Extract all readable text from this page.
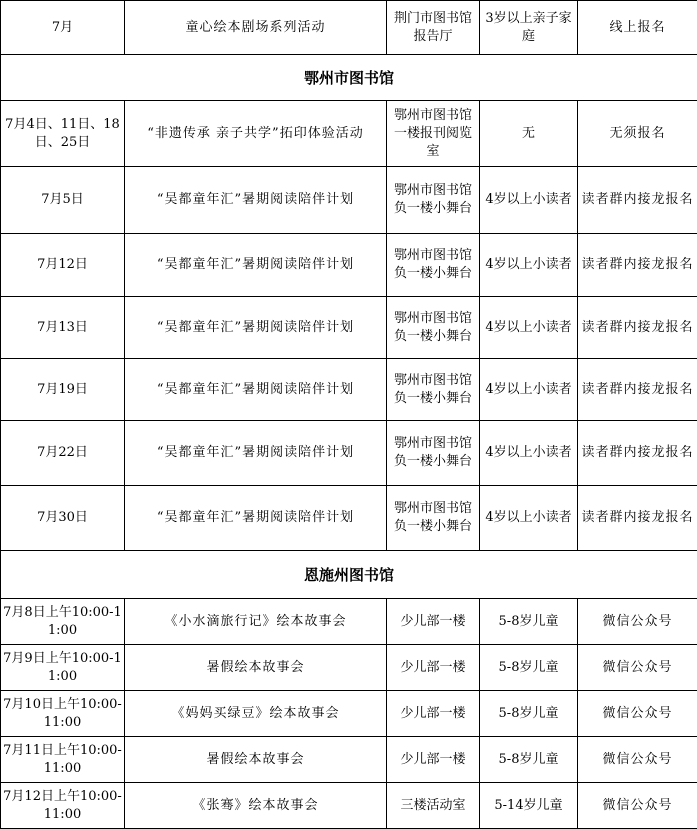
7月	童心绘本剧场系列活动	荆门市图书馆报告厅	3岁以上亲子家庭	线上报名
鄂州市图书馆				
7月4日、11日、18日、25日	“非遗传承 亲子共学”拓印体验活动	鄂州市图书馆一楼报刊阅览室	无	无须报名
7月5日	“吴都童年汇”暑期阅读陪伴计划	鄂州市图书馆负一楼小舞台	4岁以上小读者	读者群内接龙报名
7月12日	“吴都童年汇”暑期阅读陪伴计划	鄂州市图书馆负一楼小舞台	4岁以上小读者	读者群内接龙报名
7月13日	“吴都童年汇”暑期阅读陪伴计划	鄂州市图书馆负一楼小舞台	4岁以上小读者	读者群内接龙报名
7月19日	“吴都童年汇”暑期阅读陪伴计划	鄂州市图书馆负一楼小舞台	4岁以上小读者	读者群内接龙报名
7月22日	“吴都童年汇”暑期阅读陪伴计划	鄂州市图书馆负一楼小舞台	4岁以上小读者	读者群内接龙报名
7月30日	“吴都童年汇”暑期阅读陪伴计划	鄂州市图书馆负一楼小舞台	4岁以上小读者	读者群内接龙报名
恩施州图书馆				
7月8日上午10:00-11:00	《小水滴旅行记》绘本故事会	少儿部一楼	5-8岁儿童	微信公众号
7月9日上午10:00-11:00	暑假绘本故事会	少儿部一楼	5-8岁儿童	微信公众号
7月10日上午10:00-11:00	《妈妈买绿豆》绘本故事会	少儿部一楼	5-8岁儿童	微信公众号
7月11日上午10:00-11:00	暑假绘本故事会	少儿部一楼	5-8岁儿童	微信公众号
7月12日上午10:00-11:00	《张骞》绘本故事会	三楼活动室	5-14岁儿童	微信公众号
